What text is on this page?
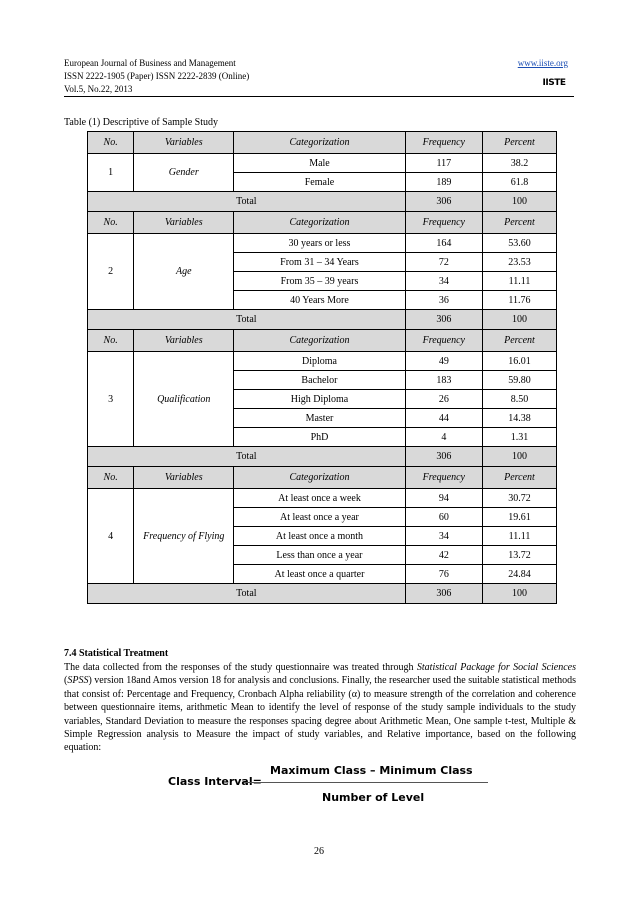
European Journal of Business and Management
ISSN 2222-1905 (Paper) ISSN 2222-2839 (Online)
Vol.5, No.22, 2013
www.iiste.org
IISTE
Table (1) Descriptive of Sample Study
No.	Variables	Categorization	Frequency	Percent
1	Gender	Male	117	38.2
		Female	189	61.8
Total			306	100
No.	Variables	Categorization	Frequency	Percent
2	Age	30 years or less	164	53.60
		From 31 – 34 Years	72	23.53
		From 35 – 39 years	34	11.11
		40 Years More	36	11.76
Total			306	100
No.	Variables	Categorization	Frequency	Percent
3	Qualification	Diploma	49	16.01
		Bachelor	183	59.80
		High Diploma	26	8.50
		Master	44	14.38
		PhD	4	1.31
Total			306	100
No.	Variables	Categorization	Frequency	Percent
4	Frequency of Flying	At least once a week	94	30.72
		At least once a year	60	19.61
		At least once a month	34	11.11
		Less than once a year	42	13.72
		At least once a quarter	76	24.84
Total			306	100
7.4 Statistical Treatment
The data collected from the responses of the study questionnaire was treated through Statistical Package for Social Sciences (SPSS) version 18and Amos version 18 for analysis and conclusions. Finally, the researcher used the suitable statistical methods that consist of: Percentage and Frequency, Cronbach Alpha reliability (α) to measure strength of the correlation and coherence between questionnaire items, arithmetic Mean to identify the level of response of the study sample individuals to the study variables, Standard Deviation to measure the responses spacing degree about Arithmetic Mean, One sample t-test, Multiple & Simple Regression analysis to Measure the impact of study variables, and Relative importance, based on the following equation:
Class Interval=
Maximum Class – Minimum Class
Number of Level
26
